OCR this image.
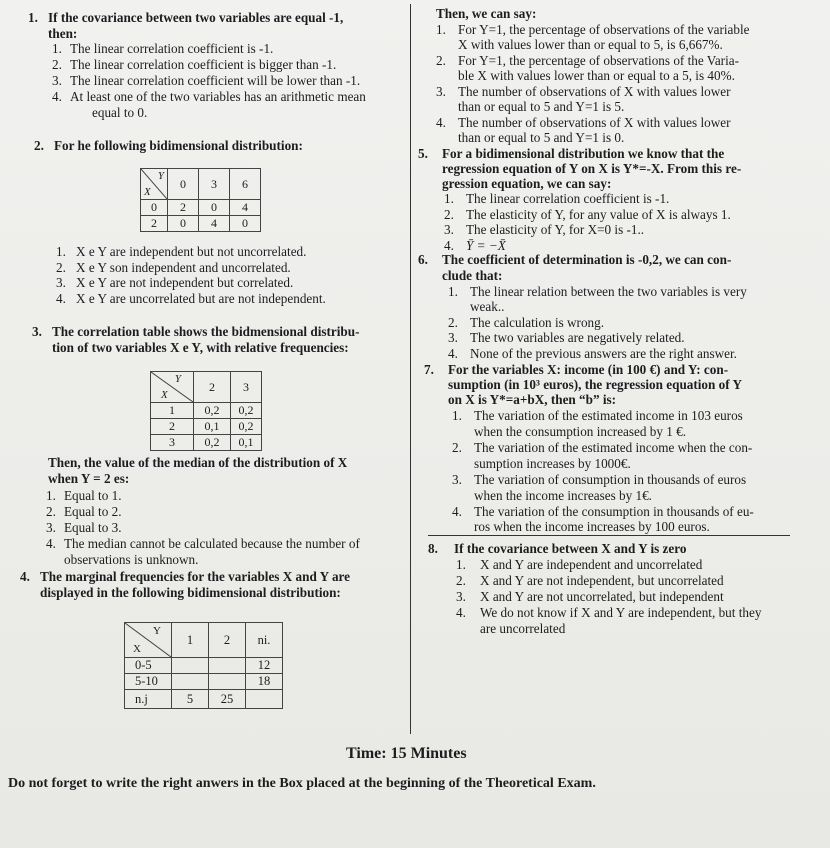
1. If the covariance between two variables are equal -1,
then:
1. The linear correlation coefficient is -1.
2. The linear correlation coefficient is bigger than -1.
3. The linear correlation coefficient will be lower than -1.
4. At least one of the two variables has an arithmetic mean
equal to 0.
2. For he following bidimensional distribution:
Y
X	0	3	6
0	2	0	4
2	0	4	0
1. X e Y are independent but not uncorrelated.
2. X e Y son independent and uncorrelated.
3. X e Y are not independent but correlated.
4. X e Y are uncorrelated but are not independent.
3. The correlation table shows the bidmensional distribu-
tion of two variables X e Y, with relative frequencies:
Y
X	2	3
1	0,2	0,2
2	0,1	0,2
3	0,2	0,1
Then, the value of the median of the distribution of X
when Y = 2 es:
1. Equal to 1.
2. Equal to 2.
3. Equal to 3.
4. The median cannot be calculated because the number of
observations is unknown.
4. The marginal frequencies for the variables X and Y are
displayed in the following bidimensional distribution:
Y
X	1	2	ni.
0-5			12
5-10			18
n.j	5	25	
Then, we can say:
1. For Y=1, the percentage of observations of the variable
X with values lower than or equal to 5, is 6,667%.
2. For Y=1, the percentage of observations of the Varia-
ble X with values lower than or equal to a 5, is 40%.
3. The number of observations of X with values lower
than or equal to 5 and Y=1 is 5.
4. The number of observations of X with values lower
than or equal to 5 and Y=1 is 0.
5. For a bidimensional distribution we know that the
regression equation of Y on X is Y*=-X. From this re-
gression equation, we can say:
1. The linear correlation coefficient is -1.
2. The elasticity of Y, for any value of X is always 1.
3. The elasticity of Y, for X=0 is -1..
4. Ȳ = −X̄
6. The coefficient of determination is -0,2, we can con-
clude that:
1. The linear relation between the two variables is very
weak..
2. The calculation is wrong.
3. The two variables are negatively related.
4. None of the previous answers are the right answer.
7. For the variables X: income (in 100 €) and Y: con-
sumption (in 10³ euros), the regression equation of Y
on X is Y*=a+bX, then “b” is:
1. The variation of the estimated income in 103 euros
when the consumption increased by 1 €.
2. The variation of the estimated income when the con-
sumption increases by 1000€.
3. The variation of consumption in thousands of euros
when the income increases by 1€.
4. The variation of the consumption in thousands of eu-
ros when the income increases by 100 euros.
8. If the covariance between X and Y is zero
1. X and Y are independent and uncorrelated
2. X and Y are not independent, but uncorrelated
3. X and Y are not uncorrelated, but independent
4. We do not know if X and Y are independent, but they
are uncorrelated
Time: 15 Minutes
Do not forget to write the right anwers in the Box placed at the beginning of the Theoretical Exam.
